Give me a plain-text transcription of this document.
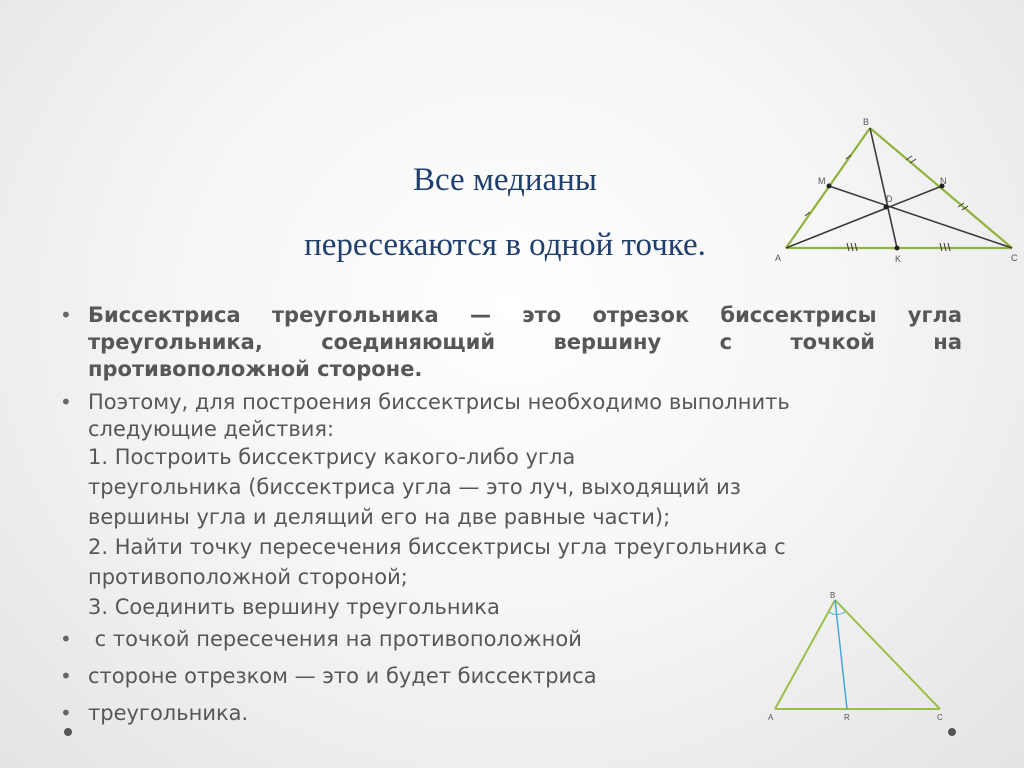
Все медианы
пересекаются в одной точке.
B
A	C
M	N
D
K
• Биссектриса треугольника — это отрезок биссектрисы угла
треугольника, соединяющий вершину с точкой на
противоположной стороне.
• Поэтому, для построения биссектрисы необходимо выполнить
следующие действия:
1. Построить биссектрису какого-либо угла
треугольника (биссектриса угла — это луч, выходящий из
вершины угла и делящий его на две равные части);
2. Найти точку пересечения биссектрисы угла треугольника с
противоположной стороной;
3. Соединить вершину треугольника
• с точкой пересечения на противоположной
• стороне отрезком — это и будет биссектриса
• треугольника.
B
A	C
R
